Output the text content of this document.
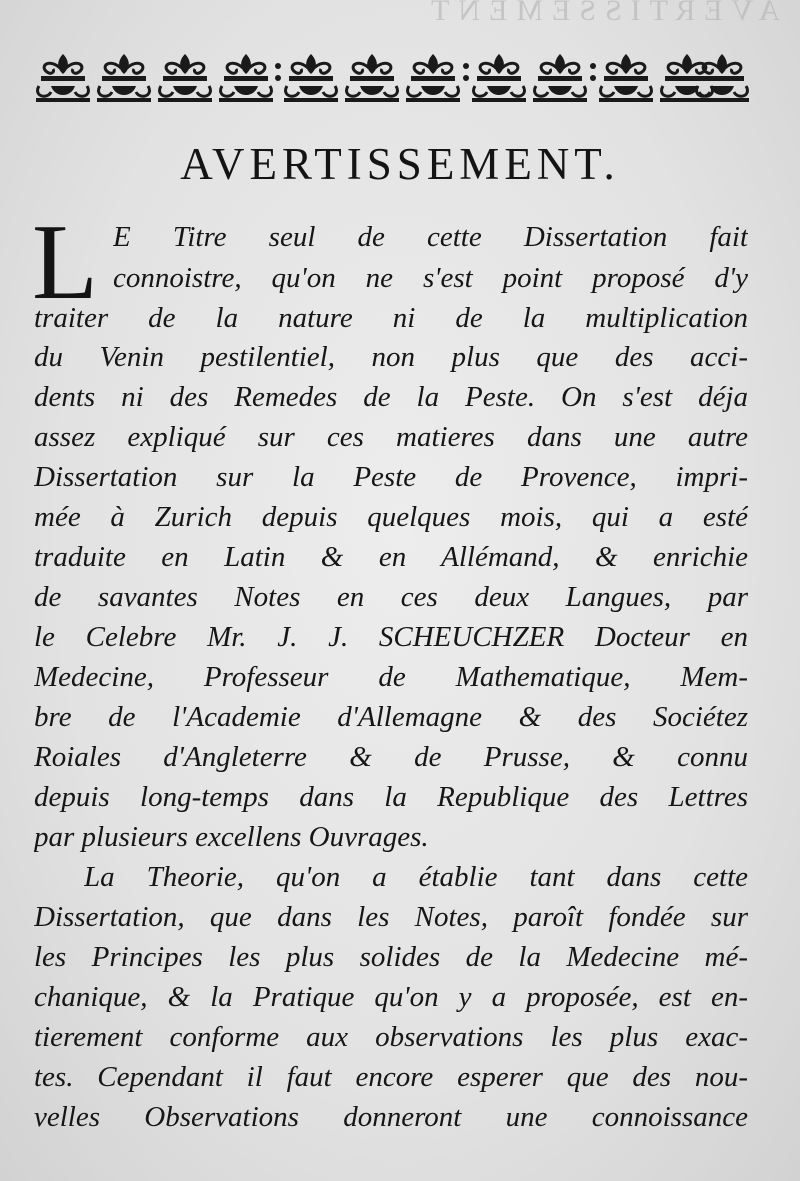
AVERTISSEMENT
AVERTISSEMENT.
L E Titre seul de cette Dissertation fait
connoistre, qu'on ne s'est point proposé d'y
traiter de la nature ni de la multiplication
du Venin pestilentiel, non plus que des acci-
dents ni des Remedes de la Peste. On s'est déja
assez expliqué sur ces matieres dans une autre
Dissertation sur la Peste de Provence, impri-
mée à Zurich depuis quelques mois, qui a esté
traduite en Latin & en Allémand, & enrichie
de savantes Notes en ces deux Langues, par
le Celebre Mr. J. J. SCHEUCHZER Docteur en
Medecine, Professeur de Mathematique, Mem-
bre de l'Academie d'Allemagne & des Sociétez
Roiales d'Angleterre & de Prusse, & connu
depuis long-temps dans la Republique des Lettres
par plusieurs excellens Ouvrages.
La Theorie, qu'on a établie tant dans cette
Dissertation, que dans les Notes, paroît fondée sur
les Principes les plus solides de la Medecine mé-
chanique, & la Pratique qu'on y a proposée, est en-
tierement conforme aux observations les plus exac-
tes. Cependant il faut encore esperer que des nou-
velles Observations donneront une connoissance
